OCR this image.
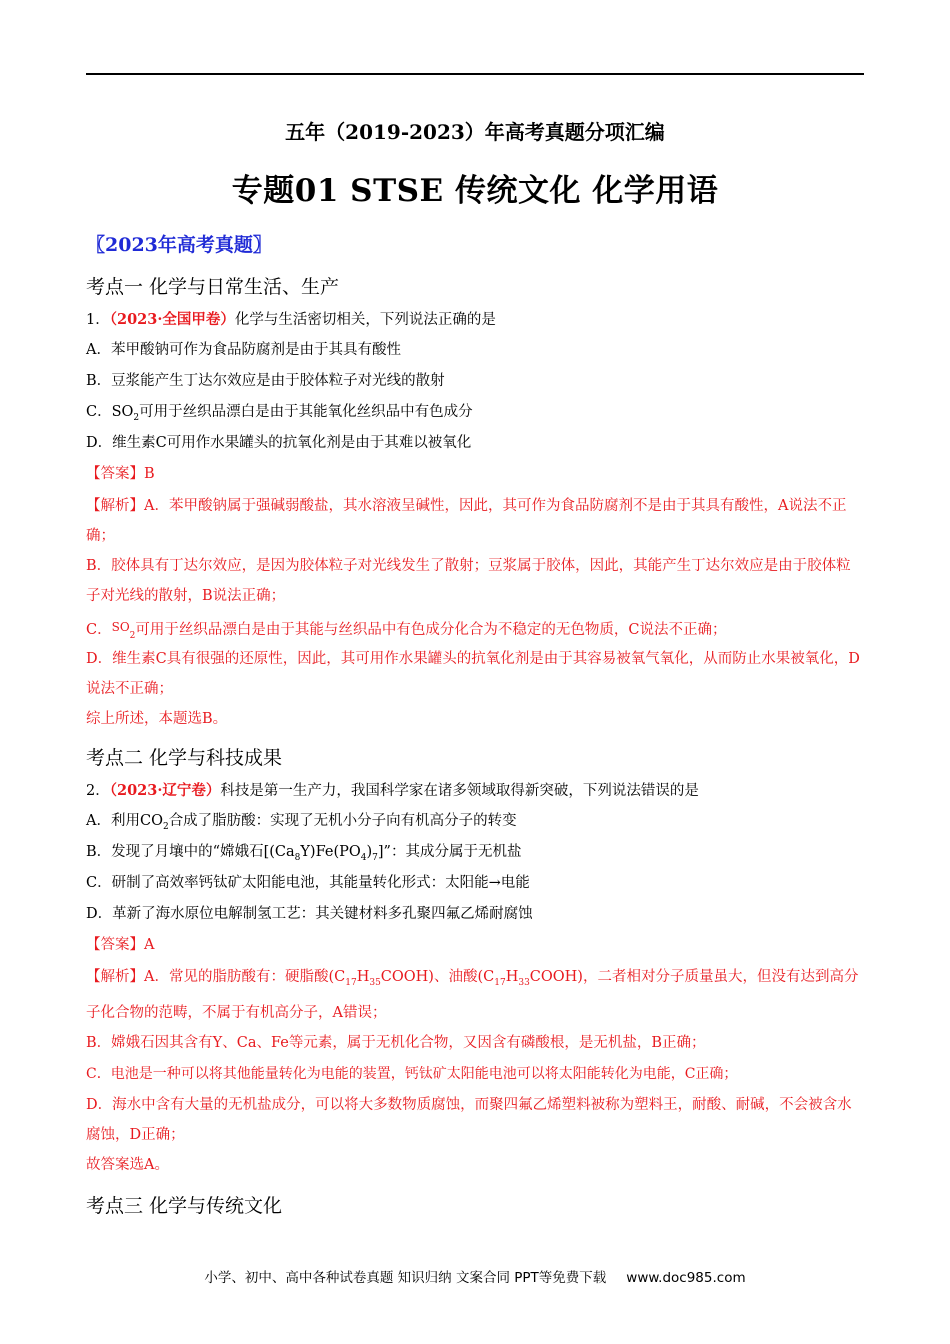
五年（2019-2023）年高考真题分项汇编
专题01 STSE 传统文化 化学用语
〖2023年高考真题〗
考点一 化学与日常生活、生产
1．（2023·全国甲卷）化学与生活密切相关，下列说法正确的是
A．苯甲酸钠可作为食品防腐剂是由于其具有酸性
B．豆浆能产生丁达尔效应是由于胶体粒子对光线的散射
C．$SO_2$可用于丝织品漂白是由于其能氧化丝织品中有色成分
D．维生素C可用作水果罐头的抗氧化剂是由于其难以被氧化
【答案】B
【解析】A．苯甲酸钠属于强碱弱酸盐，其水溶液呈碱性，因此，其可作为食品防腐剂不是由于其具有酸性，A说法不正确；
B．胶体具有丁达尔效应，是因为胶体粒子对光线发生了散射；豆浆属于胶体，因此，其能产生丁达尔效应是由于胶体粒子对光线的散射，B说法正确；
C．$^{SO}_2$可用于丝织品漂白是由于其能与丝织品中有色成分化合为不稳定的无色物质，C说法不正确；
D．维生素C具有很强的还原性，因此，其可用作水果罐头的抗氧化剂是由于其容易被氧气氧化，从而防止水果被氧化，D说法不正确；
综上所述，本题选B。
考点二 化学与科技成果
2．（2023·辽宁卷）科技是第一生产力，我国科学家在诸多领域取得新突破，下列说法错误的是
A．利用$CO_2$合成了脂肪酸：实现了无机小分子向有机高分子的转变
B．发现了月壤中的“嫦娥石$[(Ca_8Y)Fe(PO_4)_7]$”：其成分属于无机盐
C．研制了高效率钙钛矿太阳能电池，其能量转化形式：太阳能→电能
D．革新了海水原位电解制氢工艺：其关键材料多孔聚四氟乙烯耐腐蚀
【答案】A
【解析】A．常见的脂肪酸有：硬脂酸$(C_{17}H_{35}COOH)$、油酸$(C_{17}H_{33}COOH)$，二者相对分子质量虽大，但没有达到高分子化合物的范畴，不属于有机高分子，A错误；
B．嫦娥石因其含有Y、Ca、Fe等元素，属于无机化合物，又因含有磷酸根，是无机盐，B正确；
C．电池是一种可以将其他能量转化为电能的装置，钙钛矿太阳能电池可以将太阳能转化为电能，C正确；
D．海水中含有大量的无机盐成分，可以将大多数物质腐蚀，而聚四氟乙烯塑料被称为塑料王，耐酸、耐碱，不会被含水腐蚀，D正确；
故答案选A。
考点三 化学与传统文化
小学、初中、高中各种试卷真题 知识归纳 文案合同 PPT等免费下载 www.doc985.com
